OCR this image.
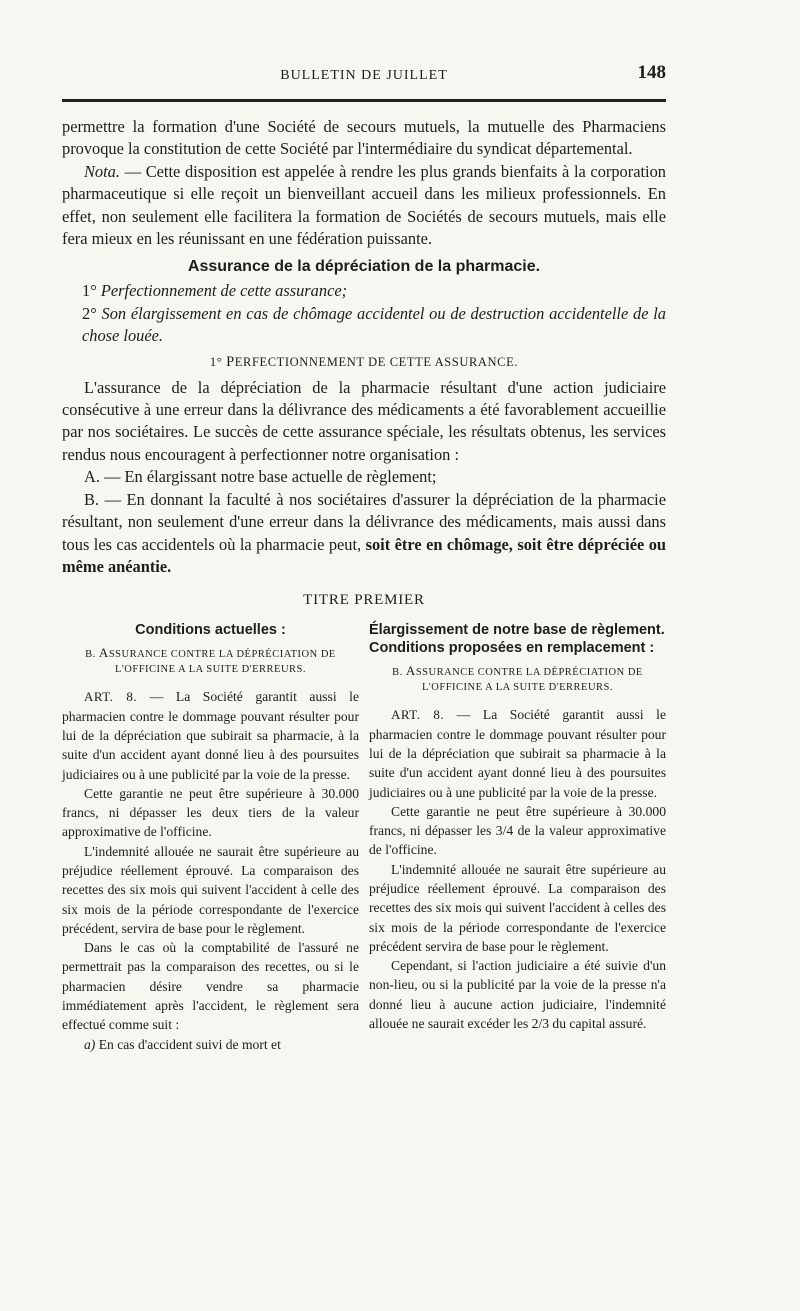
BULLETIN DE JUILLET	148

permettre la formation d'une Société de secours mutuels, la mutuelle des Pharmaciens provoque la constitution de cette Société par l'intermédiaire du syndicat départemental.

Nota. — Cette disposition est appelée à rendre les plus grands bienfaits à la corporation pharmaceutique si elle reçoit un bienveillant accueil dans les milieux professionnels. En effet, non seulement elle facilitera la formation de Sociétés de secours mutuels, mais elle fera mieux en les réunissant en une fédération puissante.

Assurance de la dépréciation de la pharmacie.

1° Perfectionnement de cette assurance;

2° Son élargissement en cas de chômage accidentel ou de destruction accidentelle de la chose louée.

1° PERFECTIONNEMENT DE CETTE ASSURANCE.

L'assurance de la dépréciation de la pharmacie résultant d'une action judiciaire consécutive à une erreur dans la délivrance des médicaments a été favorablement accueillie par nos sociétaires. Le succès de cette assurance spéciale, les résultats obtenus, les services rendus nous encouragent à perfectionner notre organisation :

A. — En élargissant notre base actuelle de règlement;

B. — En donnant la faculté à nos sociétaires d'assurer la dépréciation de la pharmacie résultant, non seulement d'une erreur dans la délivrance des médicaments, mais aussi dans tous les cas accidentels où la pharmacie peut, soit être en chômage, soit être dépréciée ou même anéantie.

TITRE PREMIER
Conditions actuelles :
B. ASSURANCE CONTRE LA DÉPRÉCIATION DE L'OFFICINE A LA SUITE D'ERREURS.

ART. 8. — La Société garantit aussi le pharmacien contre le dommage pouvant résulter pour lui de la dépréciation que subirait sa pharmacie, à la suite d'un accident ayant donné lieu à des poursuites judiciaires ou à une publicité par la voie de la presse.

Cette garantie ne peut être supérieure à 30.000 francs, ni dépasser les deux tiers de la valeur approximative de l'officine.

L'indemnité allouée ne saurait être supérieure au préjudice réellement éprouvé. La comparaison des recettes des six mois qui suivent l'accident à celle des six mois de la période correspondante de l'exercice précédent, servira de base pour le règlement.

Dans le cas où la comptabilité de l'assuré ne permettrait pas la comparaison des recettes, ou si le pharmacien désire vendre sa pharmacie immédiatement après l'accident, le règlement sera effectué comme suit :

a) En cas d'accident suivi de mort et

Élargissement de notre base de règlement. Conditions proposées en remplacement :
B. ASSURANCE CONTRE LA DÉPRÉCIATION DE L'OFFICINE A LA SUITE D'ERREURS.

ART. 8. — La Société garantit aussi le pharmacien contre le dommage pouvant résulter pour lui de la dépréciation que subirait sa pharmacie à la suite d'un accident ayant donné lieu à des poursuites judiciaires ou à une publicité par la voie de la presse.

Cette garantie ne peut être supérieure à 30.000 francs, ni dépasser les 3/4 de la valeur approximative de l'officine.

L'indemnité allouée ne saurait être supérieure au préjudice réellement éprouvé. La comparaison des recettes des six mois qui suivent l'accident à celles des six mois de la période correspondante de l'exercice précédent servira de base pour le règlement.

Cependant, si l'action judiciaire a été suivie d'un non-lieu, ou si la publicité par la voie de la presse n'a donné lieu à aucune action judiciaire, l'indemnité allouée ne saurait excéder les 2/3 du capital assuré.
